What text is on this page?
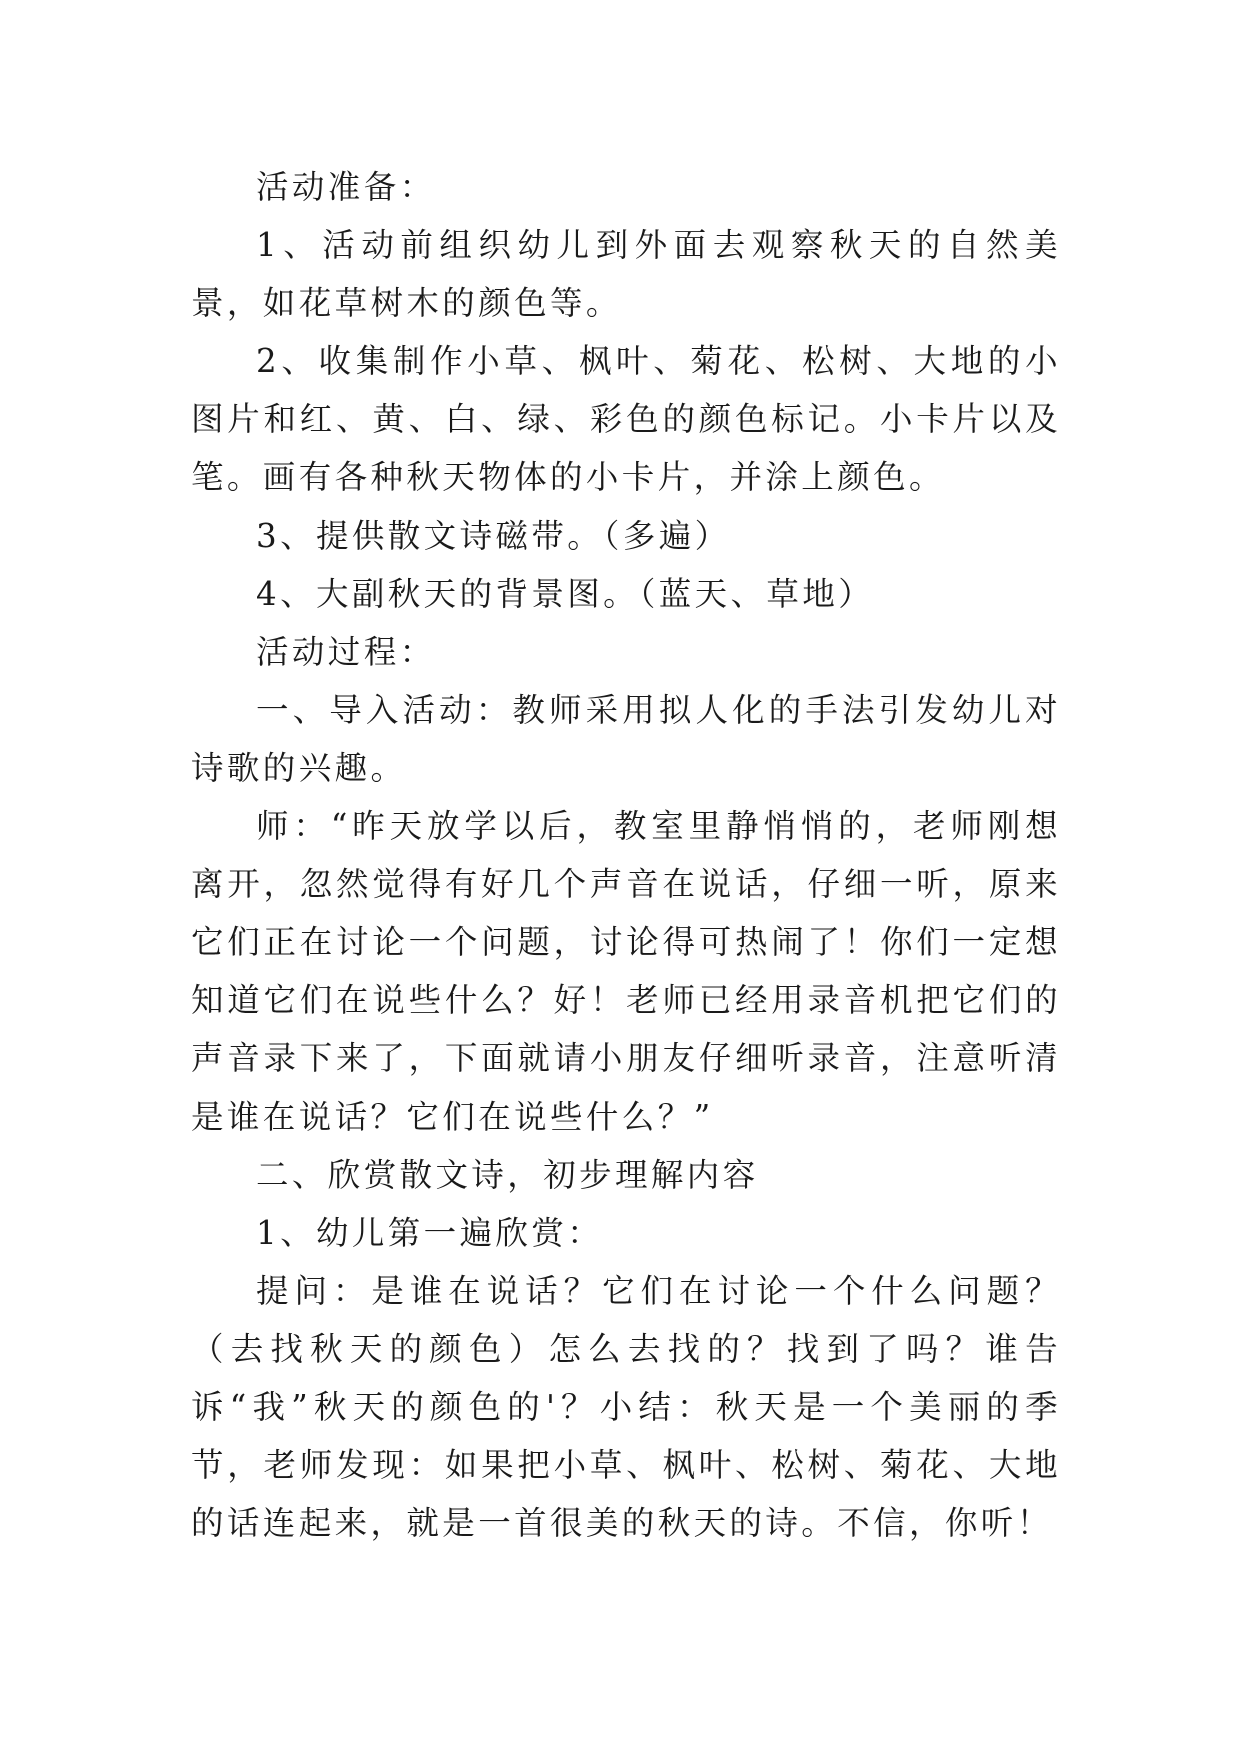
活动准备：

1、活动前组织幼儿到外面去观察秋天的自然美景，如花草树木的颜色等。

2、收集制作小草、枫叶、菊花、松树、大地的小图片和红、黄、白、绿、彩色的颜色标记。小卡片以及笔。画有各种秋天物体的小卡片，并涂上颜色。

3、提供散文诗磁带。（多遍）

4、大副秋天的背景图。（蓝天、草地）

活动过程：

一、导入活动：教师采用拟人化的手法引发幼儿对诗歌的兴趣。

师：“昨天放学以后，教室里静悄悄的，老师刚想离开，忽然觉得有好几个声音在说话，仔细一听，原来它们正在讨论一个问题，讨论得可热闹了！你们一定想知道它们在说些什么？好！老师已经用录音机把它们的声音录下来了，下面就请小朋友仔细听录音，注意听清是谁在说话？它们在说些什么？”

二、欣赏散文诗，初步理解内容

1、幼儿第一遍欣赏：

提问：是谁在说话？它们在讨论一个什么问题？（去找秋天的颜色）怎么去找的？找到了吗？谁告诉“我”秋天的颜色的'？小结：秋天是一个美丽的季节，老师发现：如果把小草、枫叶、松树、菊花、大地的话连起来，就是一首很美的秋天的诗。不信，你听！
